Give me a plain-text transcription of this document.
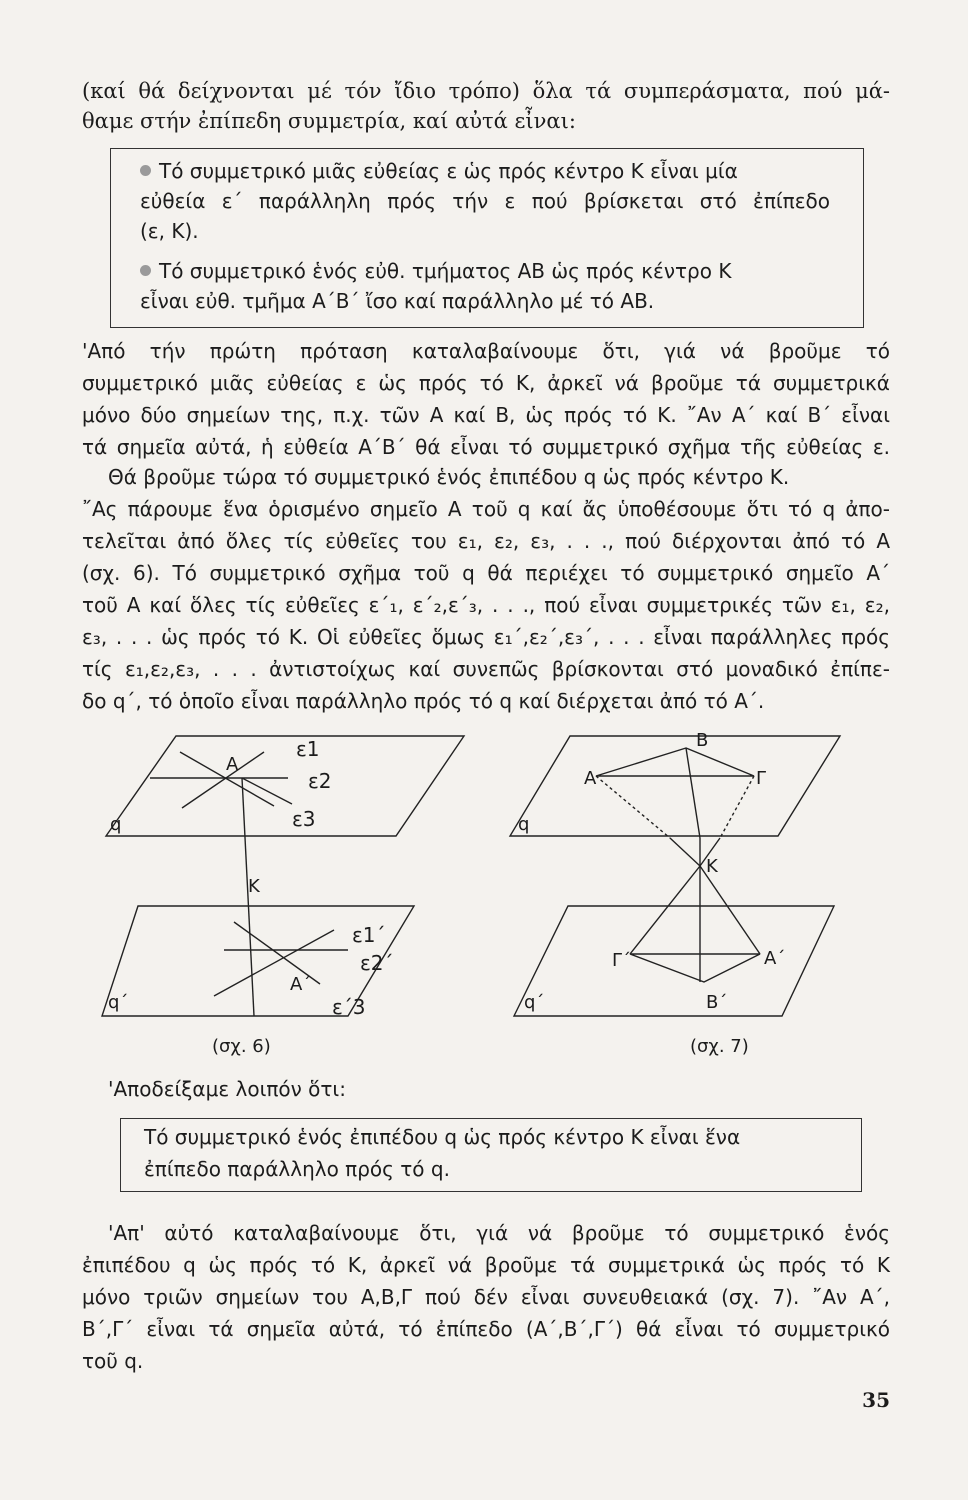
(καί θά δείχνονται μέ τόν ἴδιο τρόπο) ὅλα τά συμπεράσματα, πού μά-
θαμε στήν ἐπίπεδη συμμετρία, καί αὐτά εἶναι:
Τό συμμετρικό μιᾶς εὐθείας ε ὡς πρός κέντρο Κ εἶναι μία
εὐθεία ε΄ παράλληλη πρός τήν ε πού βρίσκεται στό ἐπίπεδο
(ε, Κ).
Τό συμμετρικό ἑνός εὐθ. τμήματος ΑΒ ὡς πρός κέντρο Κ
εἶναι εὐθ. τμῆμα Α΄Β΄ ἴσο καί παράλληλο μέ τό ΑΒ.
'Από τήν πρώτη πρόταση καταλαβαίνουμε ὅτι, γιά νά βροῦμε τό
συμμετρικό μιᾶς εὐθείας ε ὡς πρός τό Κ, ἀρκεῖ νά βροῦμε τά συμμετρικά
μόνο δύο σημείων της, π.χ. τῶν Α καί Β, ὡς πρός τό Κ. ῎Αν Α΄ καί Β΄ εἶναι
τά σημεῖα αὐτά, ἡ εὐθεία Α΄Β΄ θά εἶναι τό συμμετρικό σχῆμα τῆς εὐθείας ε.
Θά βροῦμε τώρα τό συμμετρικό ἑνός ἐπιπέδου q ὡς πρός κέντρο Κ.
῎Ας πάρουμε ἕνα ὁρισμένο σημεῖο Α τοῦ q καί ἄς ὑποθέσουμε ὅτι τό q ἀπο-
τελεῖται ἀπό ὅλες τίς εὐθεῖες του ε₁, ε₂, ε₃, . . ., πού διέρχονται ἀπό τό Α
(σχ. 6). Τό συμμετρικό σχῆμα τοῦ q θά περιέχει τό συμμετρικό σημεῖο Α΄
τοῦ Α καί ὅλες τίς εὐθεῖες ε΄₁, ε΄₂,ε΄₃, . . ., πού εἶναι συμμετρικές τῶν ε₁, ε₂,
ε₃, . . . ὡς πρός τό Κ. Οἱ εὐθεῖες ὅμως ε₁΄,ε₂΄,ε₃΄, . . . εἶναι παράλληλες πρός
τίς ε₁,ε₂,ε₃, . . . ἀντιστοίχως καί συνεπῶς βρίσκονται στό μοναδικό ἐπίπε-
δο q΄, τό ὁποῖο εἶναι παράλληλο πρός τό q καί διέρχεται ἀπό τό Α΄.
ε1
A
ε2
ε3
q
K
ε1΄
ε2΄
A΄
ε΄3
q΄
(σχ. 6)
B
A	Γ
q
K
Γ΄	A΄
B΄
q΄
(σχ. 7)
'Αποδείξαμε λοιπόν ὅτι:
Τό συμμετρικό ἑνός ἐπιπέδου q ὡς πρός κέντρο Κ εἶναι ἕνα
ἐπίπεδο παράλληλο πρός τό q.
'Απ' αὐτό καταλαβαίνουμε ὅτι, γιά νά βροῦμε τό συμμετρικό ἑνός
ἐπιπέδου q ὡς πρός τό Κ, ἀρκεῖ νά βροῦμε τά συμμετρικά ὡς πρός τό Κ
μόνο τριῶν σημείων του Α,Β,Γ πού δέν εἶναι συνευθειακά (σχ. 7). ῎Αν Α΄,
Β΄,Γ΄ εἶναι τά σημεῖα αὐτά, τό ἐπίπεδο (Α΄,Β΄,Γ΄) θά εἶναι τό συμμετρικό
τοῦ q.
35
